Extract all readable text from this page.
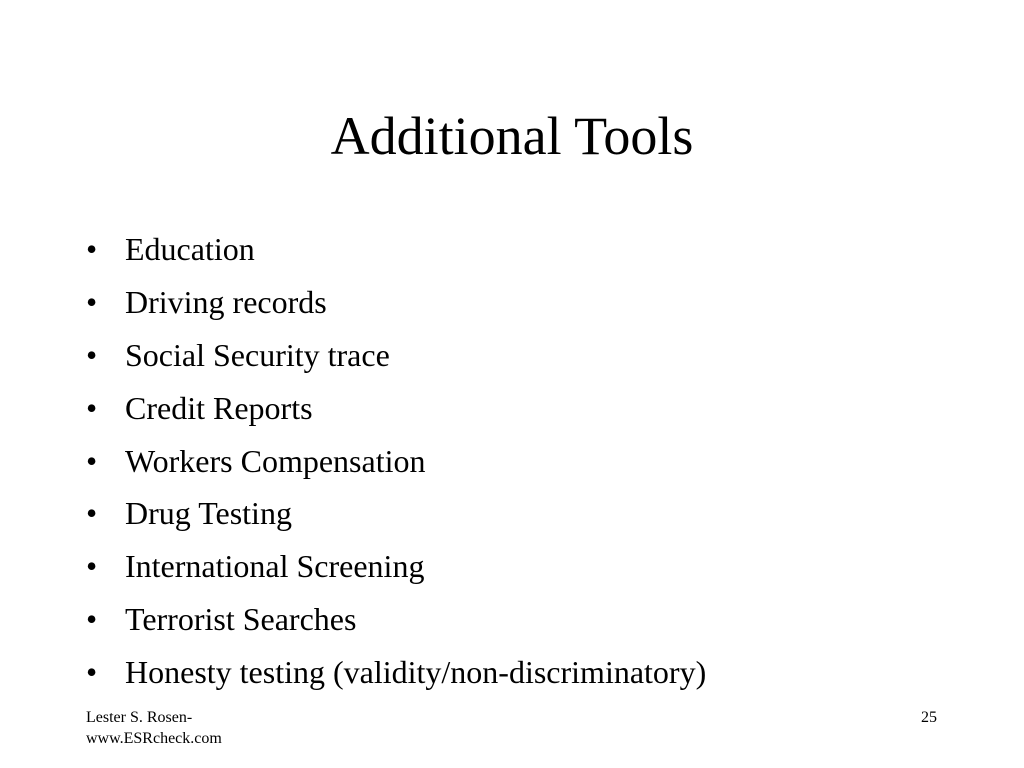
Additional Tools
• Education
• Driving records
• Social Security trace
• Credit Reports
• Workers Compensation
• Drug Testing
• International Screening
• Terrorist Searches
• Honesty testing (validity/non-discriminatory)
Lester S. Rosen-
www.ESRcheck.com
25
